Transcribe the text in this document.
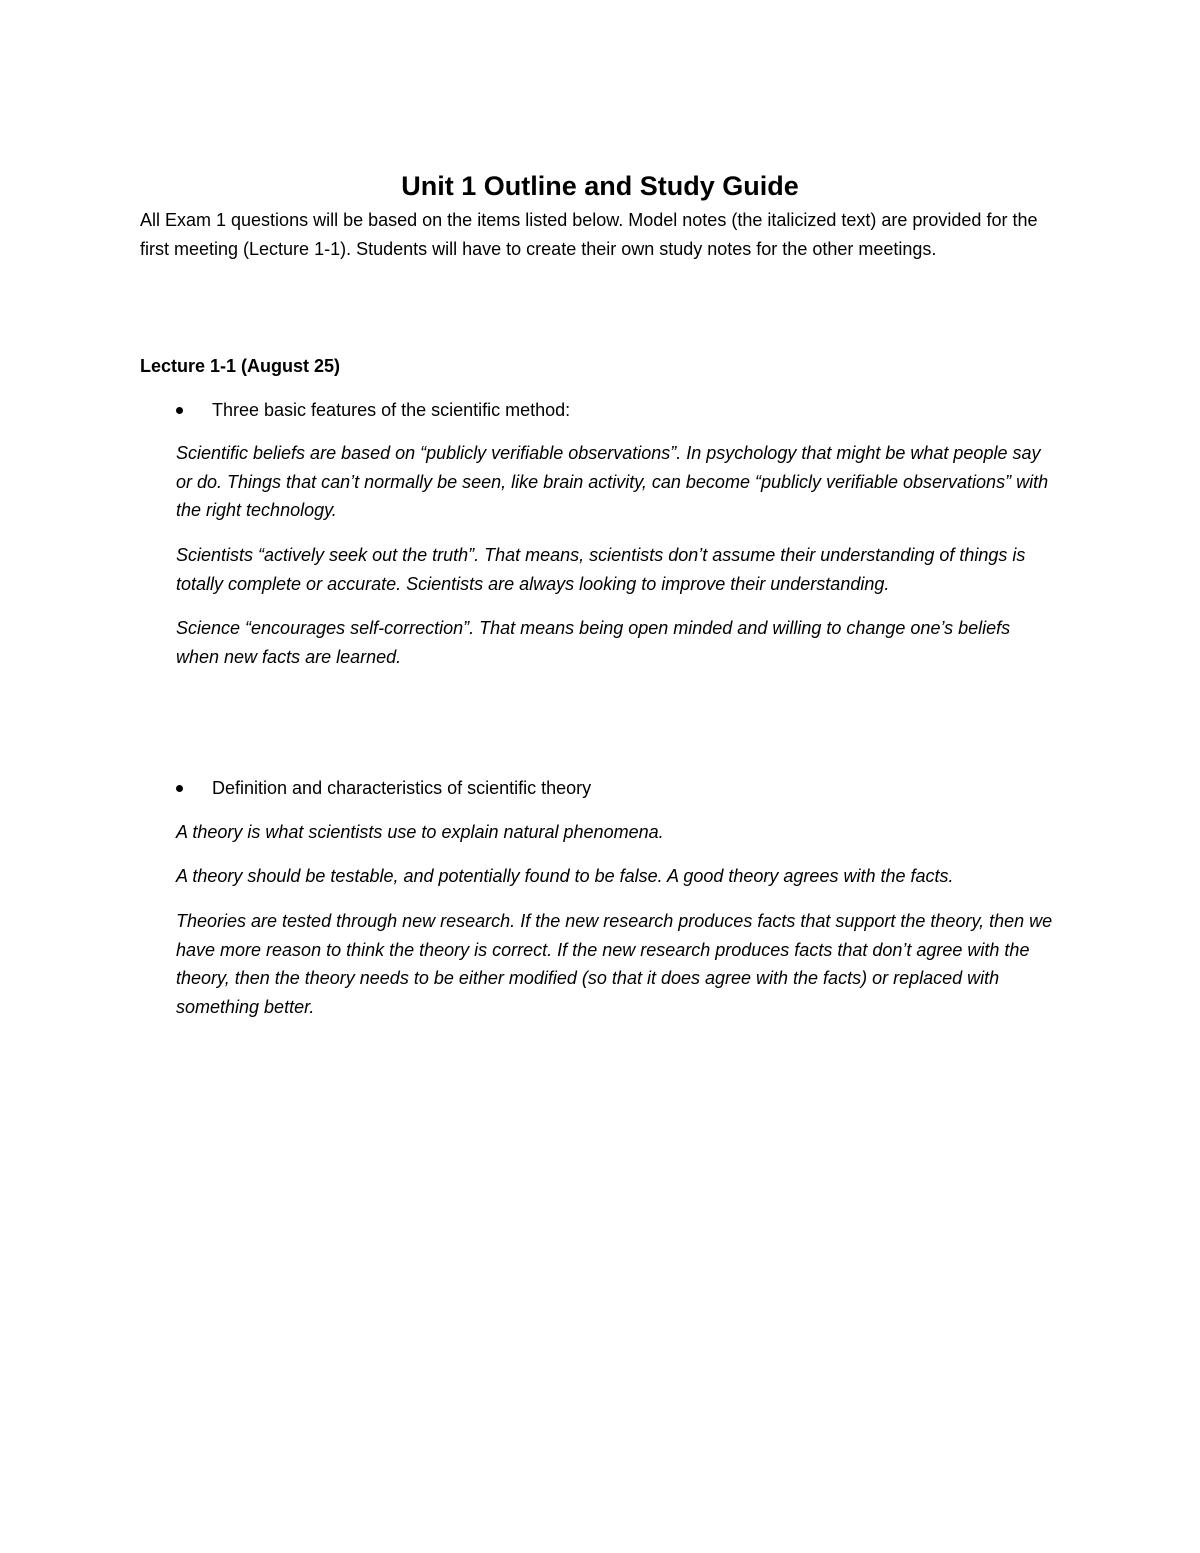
Unit 1 Outline and Study Guide

All Exam 1 questions will be based on the items listed below. Model notes (the italicized text) are provided for the first meeting (Lecture 1-1). Students will have to create their own study notes for the other meetings.

Lecture 1-1 (August 25)
Three basic features of the scientific method:

Scientific beliefs are based on “publicly verifiable observations”. In psychology that might be what people say or do. Things that can’t normally be seen, like brain activity, can become “publicly verifiable observations” with the right technology.

Scientists “actively seek out the truth”. That means, scientists don’t assume their understanding of things is totally complete or accurate. Scientists are always looking to improve their understanding.

Science “encourages self-correction”. That means being open minded and willing to change one’s beliefs when new facts are learned.

Definition and characteristics of scientific theory

A theory is what scientists use to explain natural phenomena.

A theory should be testable, and potentially found to be false. A good theory agrees with the facts.

Theories are tested through new research. If the new research produces facts that support the theory, then we have more reason to think the theory is correct. If the new research produces facts that don’t agree with the theory, then the theory needs to be either modified (so that it does agree with the facts) or replaced with something better.
